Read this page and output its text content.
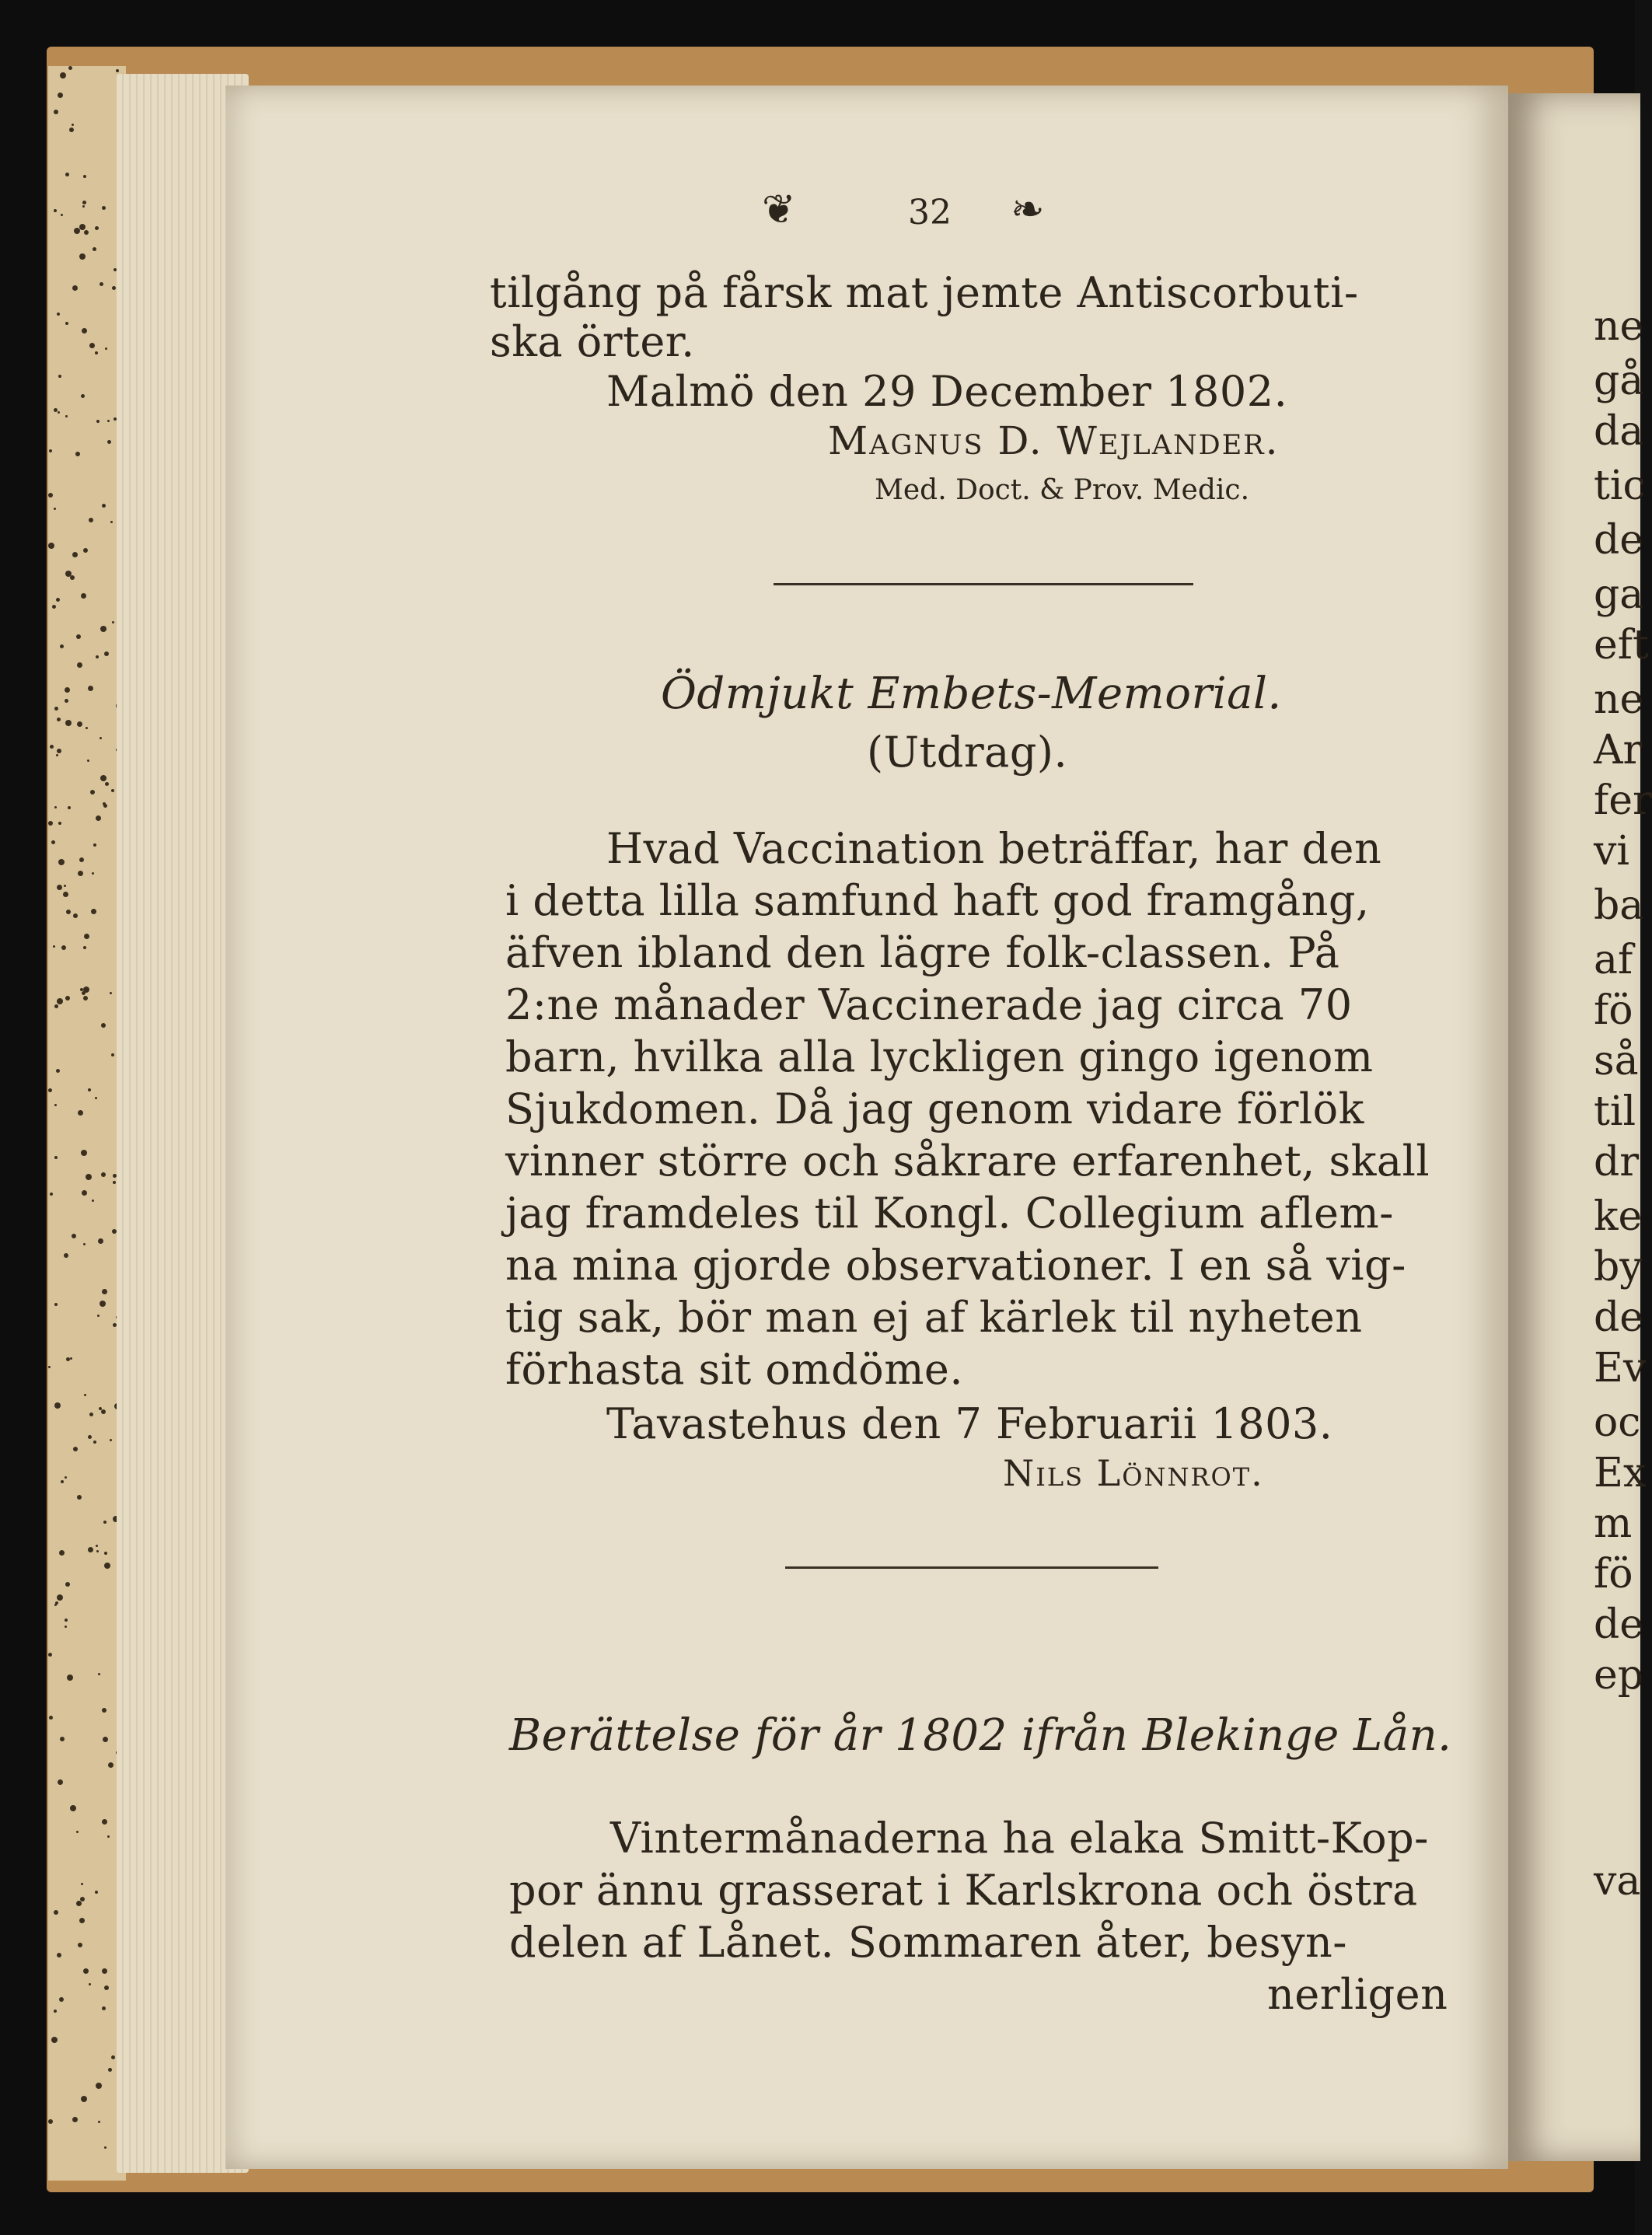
❦	32 ❧
tilgång på fårsk mat jemte Antiscorbuti-
ska örter.
Malmö den 29 December 1802.
Magnus D. Wejlander.
Med. Doct. & Prov. Medic.
Ödmjukt Embets-Memorial.
(Utdrag).
Hvad Vaccination beträffar, har den
i detta lilla samfund haft god framgång,
äfven ibland den lägre folk-classen. På
2:ne månader Vaccinerade jag circa 70
barn, hvilka alla lyckligen gingo igenom
Sjukdomen. Då jag genom vidare förlök
vinner större och såkrare erfarenhet, skall
jag framdeles til Kongl. Collegium aflem-
na mina gjorde observationer. I en så vig-
tig sak, bör man ej af kärlek til nyheten
förhasta sit omdöme.
Tavastehus den 7 Februarii 1803.
Nils Lönnrot.
Berättelse för år 1802 ifrån Blekinge Lån.
Vintermånaderna ha elaka Smitt-Kop-
por ännu grasserat i Karlskrona och östra
delen af Lånet. Sommaren åter, besyn-
nerligen
ne
gå
da
tic
de
ga
eft
ne
Ar
fer
vi
ba
af
fö
så
til
dr
ke
by
de
Ev
oc
Ex
m
fö
de
ep
va
